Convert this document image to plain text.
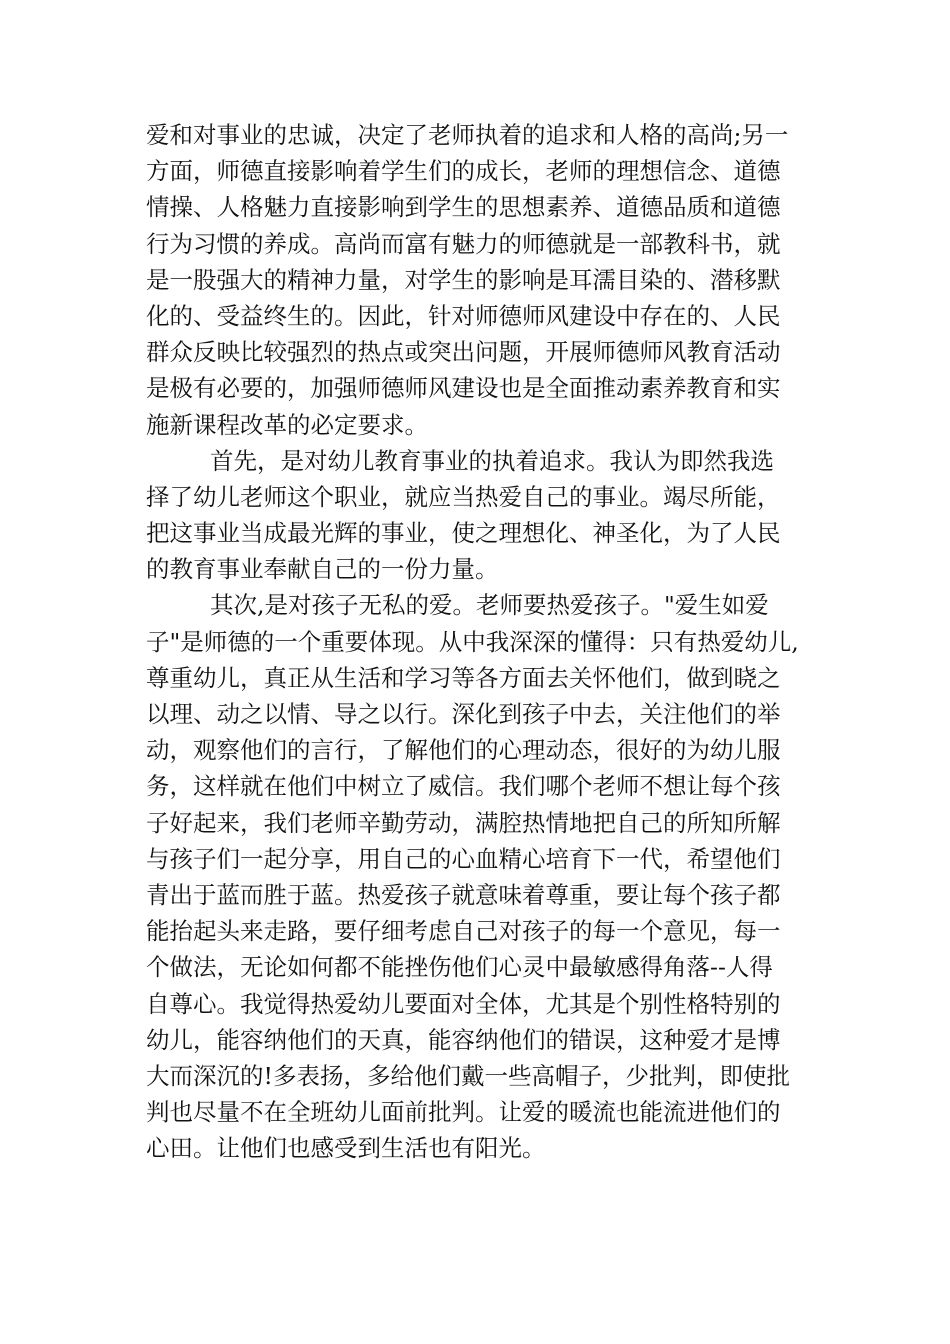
爱和对事业的忠诚，决定了老师执着的追求和人格的高尚;另一
方面，师德直接影响着学生们的成长，老师的理想信念、道德
情操、人格魅力直接影响到学生的思想素养、道德品质和道德
行为习惯的养成。高尚而富有魅力的师德就是一部教科书，就
是一股强大的精神力量，对学生的影响是耳濡目染的、潜移默
化的、受益终生的。因此，针对师德师风建设中存在的、人民
群众反映比较强烈的热点或突出问题，开展师德师风教育活动
是极有必要的，加强师德师风建设也是全面推动素养教育和实
施新课程改革的必定要求。
首先，是对幼儿教育事业的执着追求。我认为即然我选
择了幼儿老师这个职业，就应当热爱自己的事业。竭尽所能，
把这事业当成最光辉的事业，使之理想化、神圣化，为了人民
的教育事业奉献自己的一份力量。
其次,是对孩子无私的爱。老师要热爱孩子。"爱生如爱
子"是师德的一个重要体现。从中我深深的懂得：只有热爱幼儿,
尊重幼儿，真正从生活和学习等各方面去关怀他们，做到晓之
以理、动之以情、导之以行。深化到孩子中去，关注他们的举
动，观察他们的言行，了解他们的心理动态，很好的为幼儿服
务，这样就在他们中树立了威信。我们哪个老师不想让每个孩
子好起来，我们老师辛勤劳动，满腔热情地把自己的所知所解
与孩子们一起分享，用自己的心血精心培育下一代，希望他们
青出于蓝而胜于蓝。热爱孩子就意味着尊重，要让每个孩子都
能抬起头来走路，要仔细考虑自己对孩子的每一个意见，每一
个做法，无论如何都不能挫伤他们心灵中最敏感得角落--人得
自尊心。我觉得热爱幼儿要面对全体，尤其是个别性格特别的
幼儿，能容纳他们的天真，能容纳他们的错误，这种爱才是博
大而深沉的!多表扬，多给他们戴一些高帽子，少批判，即使批
判也尽量不在全班幼儿面前批判。让爱的暖流也能流进他们的
心田。让他们也感受到生活也有阳光。
